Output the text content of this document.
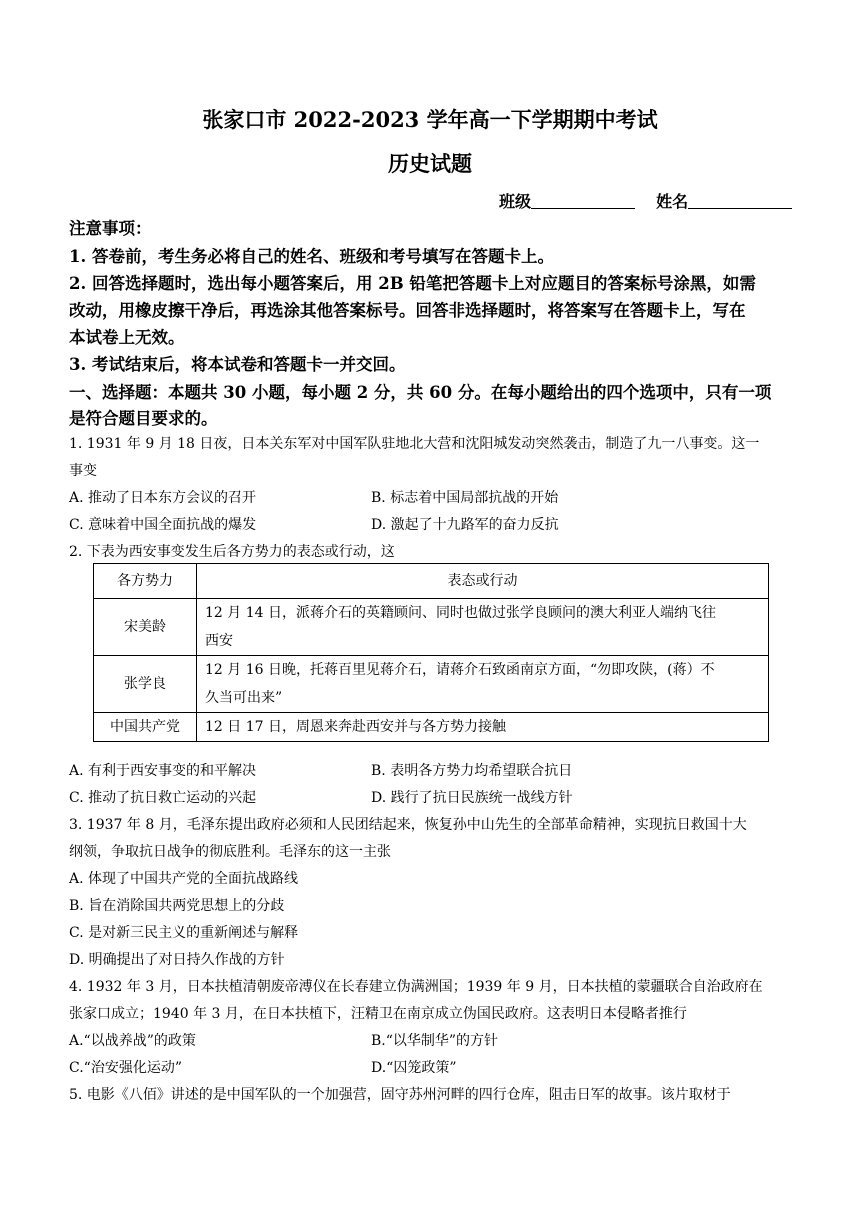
张家口市 2022-2023 学年高一下学期期中考试
历史试题
班级	姓名
注意事项：
1. 答卷前，考生务必将自己的姓名、班级和考号填写在答题卡上。
2. 回答选择题时，选出每小题答案后，用 2B 铅笔把答题卡上对应题目的答案标号涂黑，如需
改动，用橡皮擦干净后，再选涂其他答案标号。回答非选择题时，将答案写在答题卡上，写在
本试卷上无效。
3. 考试结束后，将本试卷和答题卡一并交回。
一、选择题：本题共 30 小题，每小题 2 分，共 60 分。在每小题给出的四个选项中，只有一项
是符合题目要求的。
1. 1931 年 9 月 18 日夜，日本关东军对中国军队驻地北大营和沈阳城发动突然袭击，制造了九一八事变。这一
事变
A. 推动了日本东方会议的召开	B. 标志着中国局部抗战的开始
C. 意味着中国全面抗战的爆发	D. 激起了十九路军的奋力反抗
2. 下表为西安事变发生后各方势力的表态或行动，这
各方势力	表态或行动
宋美龄	12 月 14 日，派蒋介石的英籍顾问、同时也做过张学良顾问的澳大利亚人端纳飞往
西安

张学良	12 月 16 日晚，托蒋百里见蒋介石，请蒋介石致函南京方面，“勿即攻陕，(蒋）不
久当可出来”

中国共产党	12 日 17 日，周恩来奔赴西安并与各方势力接触
A. 有利于西安事变的和平解决	B. 表明各方势力均希望联合抗日
C. 推动了抗日救亡运动的兴起	D. 践行了抗日民族统一战线方针
3. 1937 年 8 月，毛泽东提出政府必须和人民团结起来，恢复孙中山先生的全部革命精神，实现抗日救国十大
纲领，争取抗日战争的彻底胜利。毛泽东的这一主张
A. 体现了中国共产党的全面抗战路线
B. 旨在消除国共两党思想上的分歧
C. 是对新三民主义的重新阐述与解释
D. 明确提出了对日持久作战的方针
4. 1932 年 3 月，日本扶植清朝废帝溥仪在长春建立伪满洲国；1939 年 9 月，日本扶植的蒙疆联合自治政府在
张家口成立；1940 年 3 月，在日本扶植下，汪精卫在南京成立伪国民政府。这表明日本侵略者推行
A.“以战养战”的政策	B.“以华制华”的方针
C.“治安强化运动”	D.“囚笼政策”
5. 电影《八佰》讲述的是中国军队的一个加强营，固守苏州河畔的四行仓库，阻击日军的故事。该片取材于
